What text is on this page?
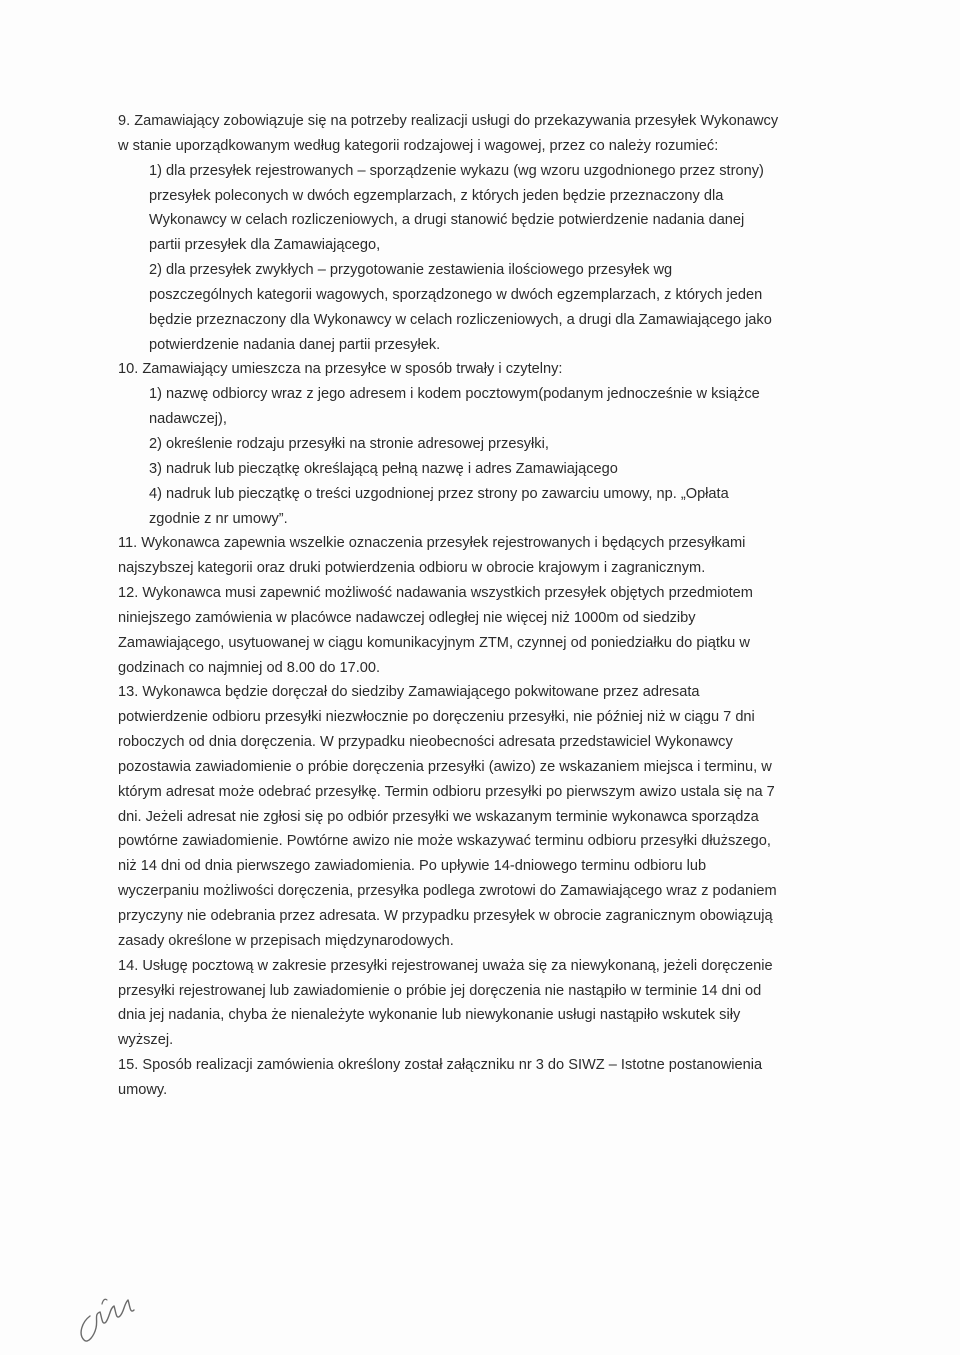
9. Zamawiający zobowiązuje się na potrzeby realizacji usługi do przekazywania przesyłek Wykonawcy
w stanie uporządkowanym według kategorii rodzajowej i wagowej, przez co należy rozumieć:
1) dla przesyłek rejestrowanych – sporządzenie wykazu (wg wzoru uzgodnionego przez strony)
przesyłek poleconych w dwóch egzemplarzach, z których jeden będzie przeznaczony dla
Wykonawcy w celach rozliczeniowych, a drugi stanowić będzie potwierdzenie nadania danej
partii przesyłek dla Zamawiającego,
2) dla przesyłek zwykłych – przygotowanie zestawienia ilościowego przesyłek wg
poszczególnych kategorii wagowych, sporządzonego w dwóch egzemplarzach, z których jeden
będzie przeznaczony dla Wykonawcy w celach rozliczeniowych, a drugi dla Zamawiającego jako
potwierdzenie nadania danej partii przesyłek.
10. Zamawiający umieszcza na przesyłce w sposób trwały i czytelny:
1) nazwę odbiorcy wraz z jego adresem i kodem pocztowym(podanym jednocześnie w książce
nadawczej),
2) określenie rodzaju przesyłki na stronie adresowej przesyłki,
3) nadruk lub pieczątkę określającą pełną nazwę i adres Zamawiającego
4) nadruk lub pieczątkę o treści uzgodnionej przez strony po zawarciu umowy, np. „Opłata
zgodnie z nr umowy”.
11. Wykonawca zapewnia wszelkie oznaczenia przesyłek rejestrowanych i będących przesyłkami
najszybszej kategorii oraz druki potwierdzenia odbioru w obrocie krajowym i zagranicznym.
12. Wykonawca musi zapewnić możliwość nadawania wszystkich przesyłek objętych przedmiotem
niniejszego zamówienia w placówce nadawczej odległej nie więcej niż 1000m od siedziby
Zamawiającego, usytuowanej w ciągu komunikacyjnym ZTM, czynnej od poniedziałku do piątku w
godzinach co najmniej od 8.00 do 17.00.
13. Wykonawca będzie doręczał do siedziby Zamawiającego pokwitowane przez adresata
potwierdzenie odbioru przesyłki niezwłocznie po doręczeniu przesyłki, nie później niż w ciągu 7 dni
roboczych od dnia doręczenia. W przypadku nieobecności adresata przedstawiciel Wykonawcy
pozostawia zawiadomienie o próbie doręczenia przesyłki (awizo) ze wskazaniem miejsca i terminu, w
którym adresat może odebrać przesyłkę. Termin odbioru przesyłki po pierwszym awizo ustala się na 7
dni. Jeżeli adresat nie zgłosi się po odbiór przesyłki we wskazanym terminie wykonawca sporządza
powtórne zawiadomienie. Powtórne awizo nie może wskazywać terminu odbioru przesyłki dłuższego,
niż 14 dni od dnia pierwszego zawiadomienia. Po upływie 14-dniowego terminu odbioru lub
wyczerpaniu możliwości doręczenia, przesyłka podlega zwrotowi do Zamawiającego wraz z podaniem
przyczyny nie odebrania przez adresata. W przypadku przesyłek w obrocie zagranicznym obowiązują
zasady określone w przepisach międzynarodowych.
14. Usługę pocztową w zakresie przesyłki rejestrowanej uważa się za niewykonaną, jeżeli doręczenie
przesyłki rejestrowanej lub zawiadomienie o próbie jej doręczenia nie nastąpiło w terminie 14 dni od
dnia jej nadania, chyba że nienależyte wykonanie lub niewykonanie usługi nastąpiło wskutek siły
wyższej.
15. Sposób realizacji zamówienia określony został załączniku nr 3 do SIWZ – Istotne postanowienia
umowy.
